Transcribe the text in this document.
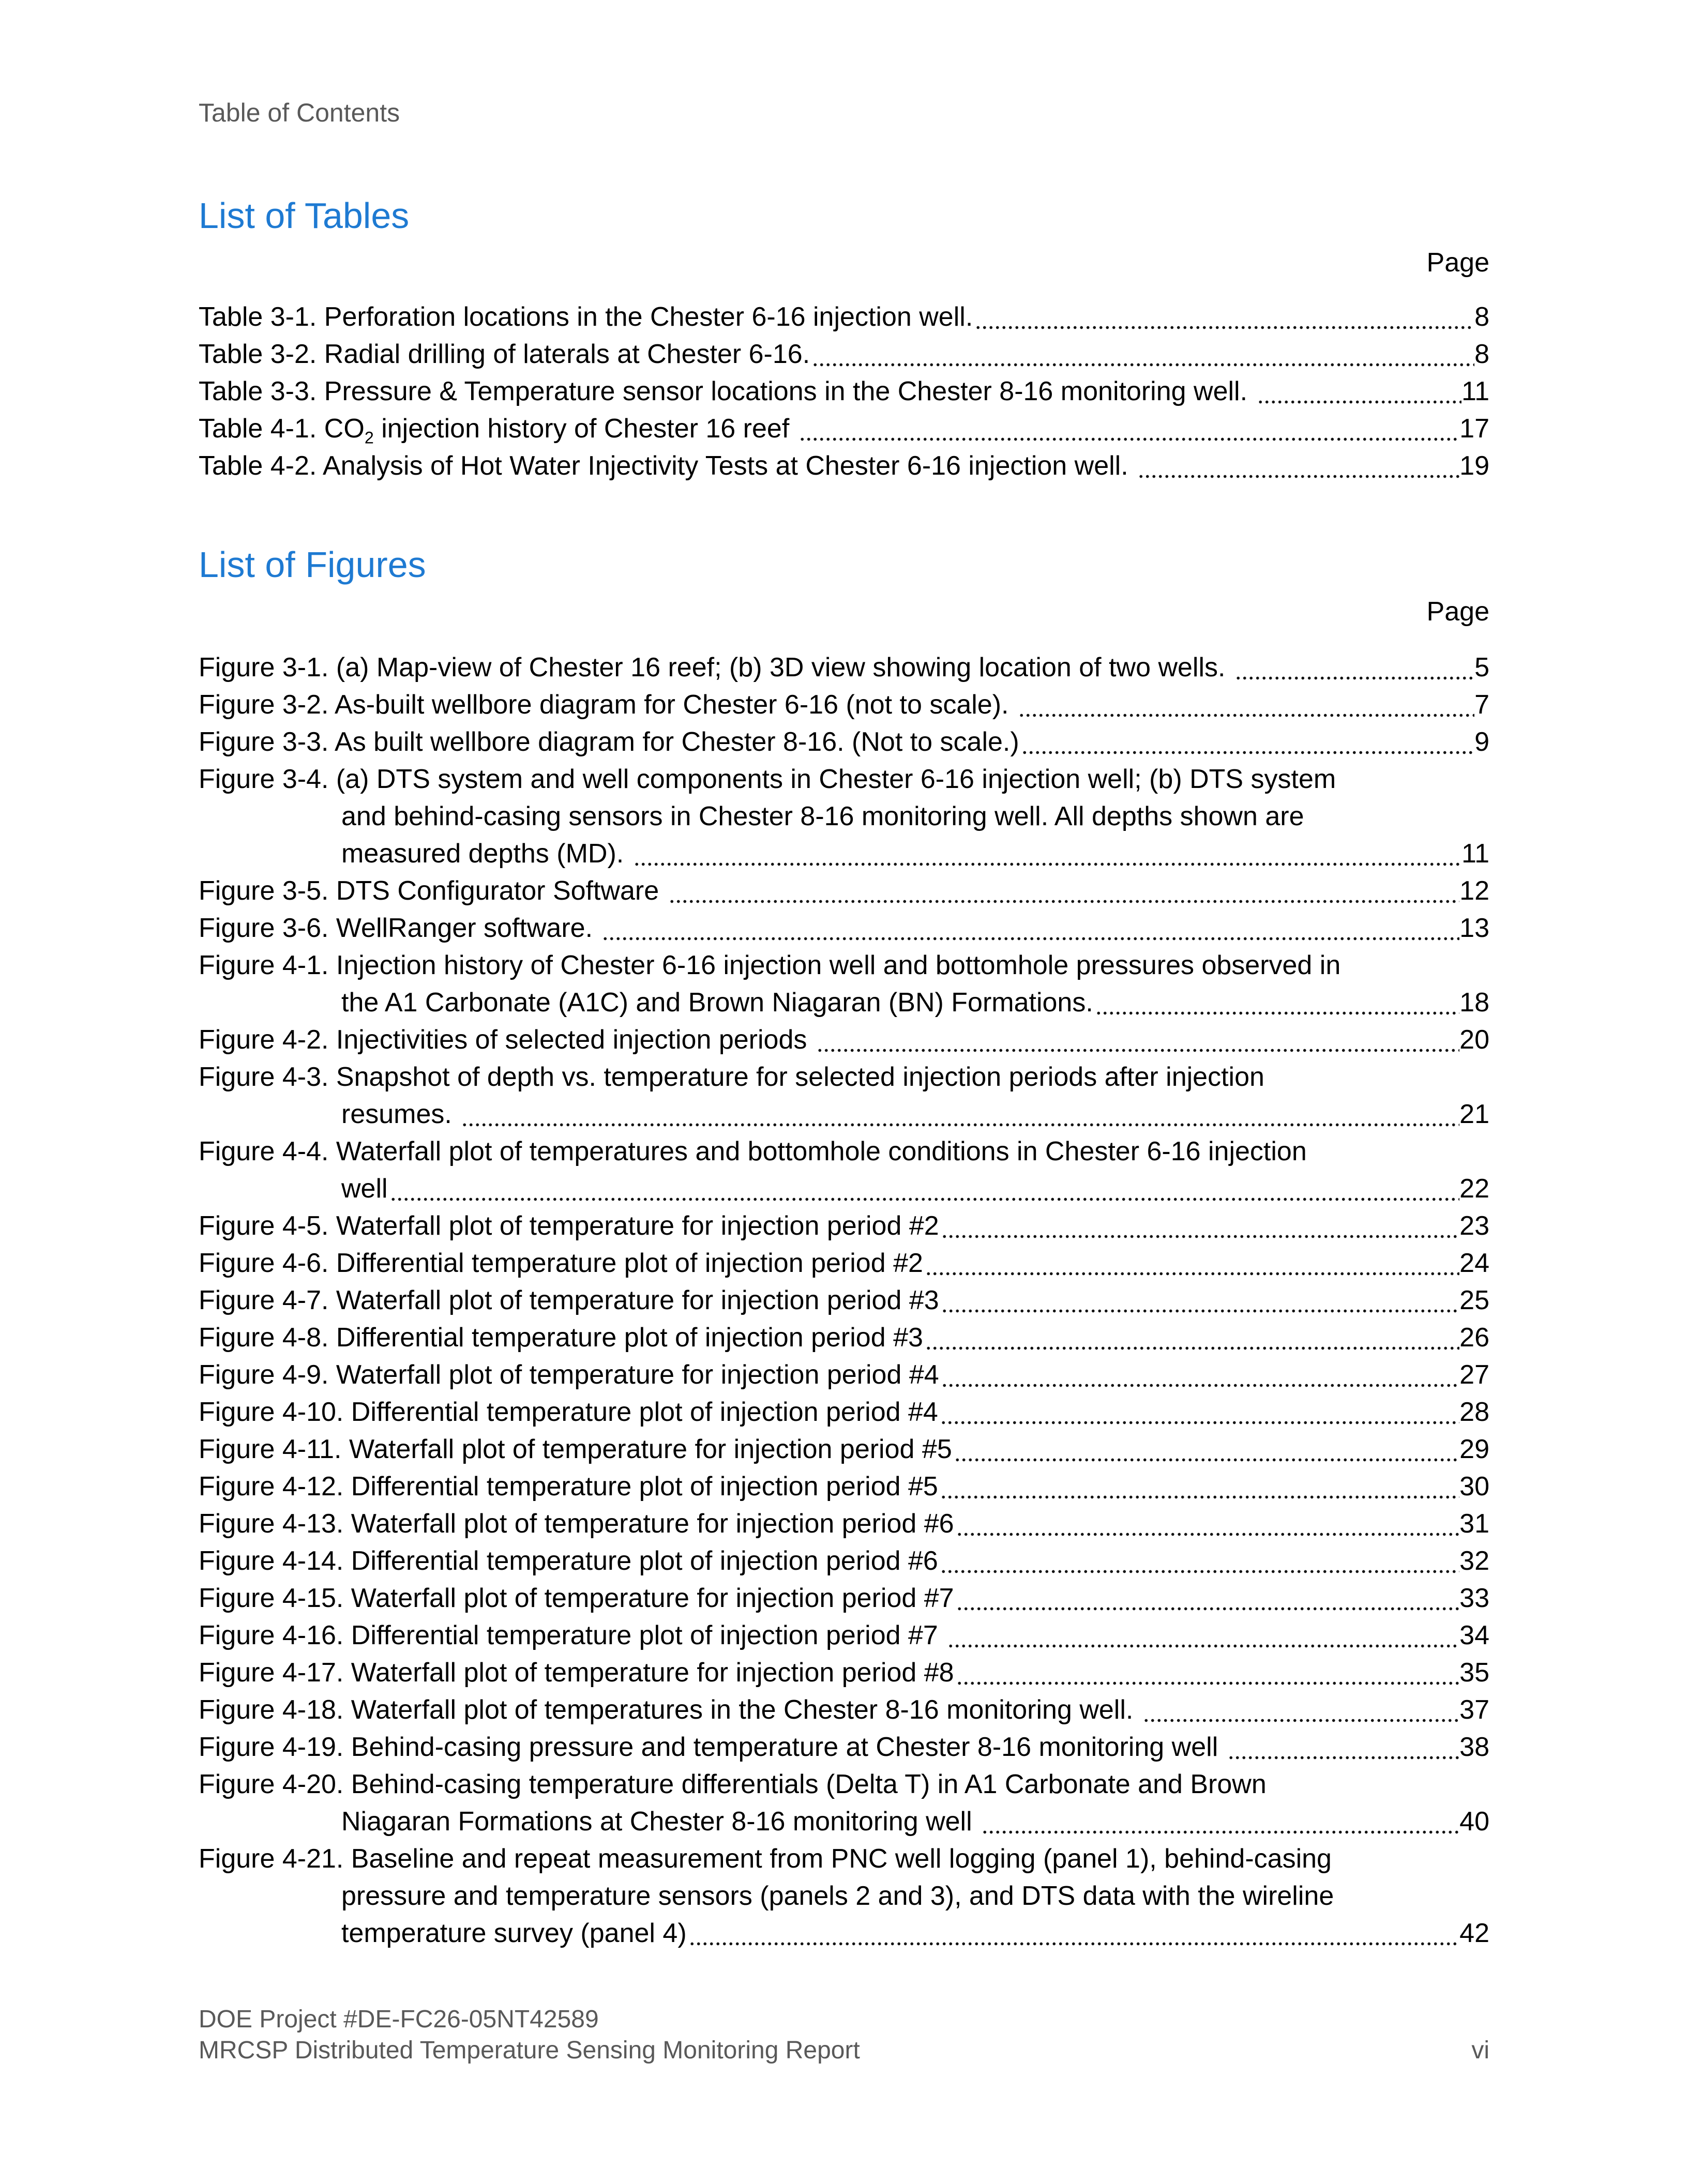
Table of Contents
List of Tables
Page
Table 3-1. Perforation locations in the Chester 6-16 injection well.	8
Table 3-2. Radial drilling of laterals at Chester 6-16.	8
Table 3-3. Pressure & Temperature sensor locations in the Chester 8-16 monitoring well.	11
Table 4-1. $CO_2$ injection history of Chester 16 reef	17
Table 4-2. Analysis of Hot Water Injectivity Tests at Chester 6-16 injection well.	19
List of Figures
Page
Figure 3-1. (a) Map-view of Chester 16 reef; (b) 3D view showing location of two wells.	5
Figure 3-2. As-built wellbore diagram for Chester 6-16 (not to scale).	7
Figure 3-3. As built wellbore diagram for Chester 8-16. (Not to scale.)	9
Figure 3-4. (a) DTS system and well components in Chester 6-16 injection well; (b) DTS system
and behind-casing sensors in Chester 8-16 monitoring well. All depths shown are
measured depths (MD).	11
Figure 3-5. DTS Configurator Software	12
Figure 3-6. WellRanger software.	13
Figure 4-1. Injection history of Chester 6-16 injection well and bottomhole pressures observed in
the A1 Carbonate (A1C) and Brown Niagaran (BN) Formations.	18
Figure 4-2. Injectivities of selected injection periods	20
Figure 4-3. Snapshot of depth vs. temperature for selected injection periods after injection
resumes.	21
Figure 4-4. Waterfall plot of temperatures and bottomhole conditions in Chester 6-16 injection
well	22
Figure 4-5. Waterfall plot of temperature for injection period #2	23
Figure 4-6. Differential temperature plot of injection period #2	24
Figure 4-7. Waterfall plot of temperature for injection period #3	25
Figure 4-8. Differential temperature plot of injection period #3	26
Figure 4-9. Waterfall plot of temperature for injection period #4	27
Figure 4-10. Differential temperature plot of injection period #4	28
Figure 4-11. Waterfall plot of temperature for injection period #5	29
Figure 4-12. Differential temperature plot of injection period #5	30
Figure 4-13. Waterfall plot of temperature for injection period #6	31
Figure 4-14. Differential temperature plot of injection period #6	32
Figure 4-15. Waterfall plot of temperature for injection period #7	33
Figure 4-16. Differential temperature plot of injection period #7	34
Figure 4-17. Waterfall plot of temperature for injection period #8	35
Figure 4-18. Waterfall plot of temperatures in the Chester 8-16 monitoring well.	37
Figure 4-19. Behind-casing pressure and temperature at Chester 8-16 monitoring well	38
Figure 4-20. Behind-casing temperature differentials (Delta T) in A1 Carbonate and Brown
Niagaran Formations at Chester 8-16 monitoring well	40
Figure 4-21. Baseline and repeat measurement from PNC well logging (panel 1), behind-casing
pressure and temperature sensors (panels 2 and 3), and DTS data with the wireline
temperature survey (panel 4)	42
DOE Project #DE-FC26-05NT42589
MRCSP Distributed Temperature Sensing Monitoring Report	vi
